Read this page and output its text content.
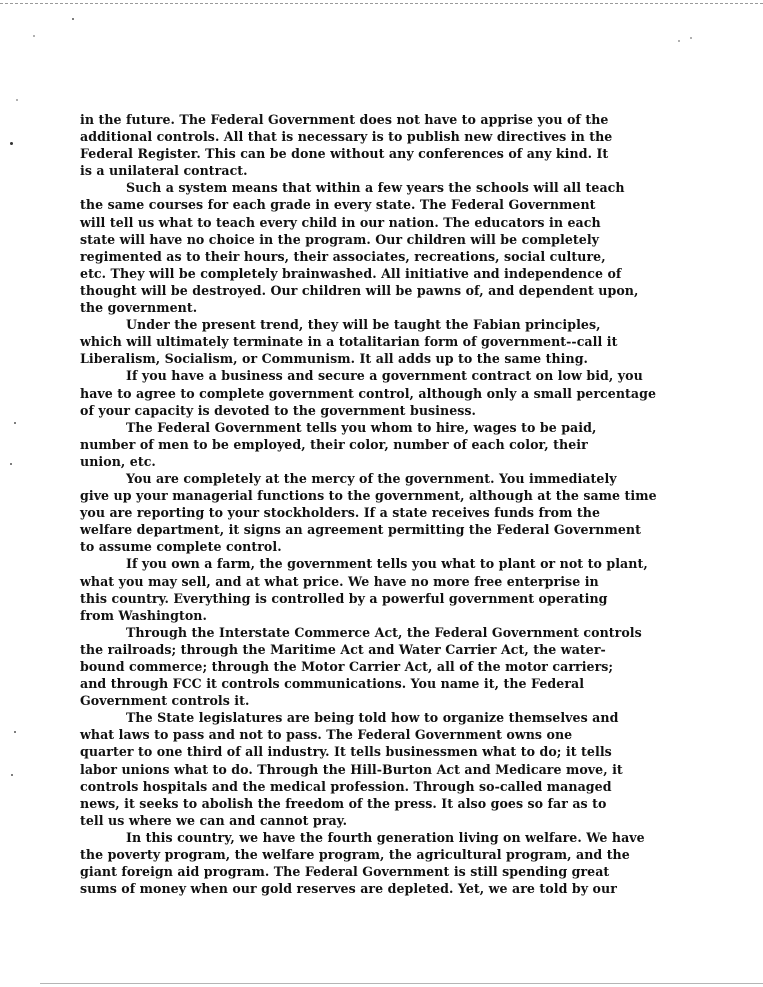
in the future. The Federal Government does not have to apprise you of the
additional controls. All that is necessary is to publish new directives in the
Federal Register. This can be done without any conferences of any kind. It
is a unilateral contract.
Such a system means that within a few years the schools will all teach
the same courses for each grade in every state. The Federal Government
will tell us what to teach every child in our nation. The educators in each
state will have no choice in the program. Our children will be completely
regimented as to their hours, their associates, recreations, social culture,
etc. They will be completely brainwashed. All initiative and independence of
thought will be destroyed. Our children will be pawns of, and dependent upon,
the government.
Under the present trend, they will be taught the Fabian principles,
which will ultimately terminate in a totalitarian form of government--call it
Liberalism, Socialism, or Communism. It all adds up to the same thing.
If you have a business and secure a government contract on low bid, you
have to agree to complete government control, although only a small percentage
of your capacity is devoted to the government business.
The Federal Government tells you whom to hire, wages to be paid,
number of men to be employed, their color, number of each color, their
union, etc.
You are completely at the mercy of the government. You immediately
give up your managerial functions to the government, although at the same time
you are reporting to your stockholders. If a state receives funds from the
welfare department, it signs an agreement permitting the Federal Government
to assume complete control.
If you own a farm, the government tells you what to plant or not to plant,
what you may sell, and at what price. We have no more free enterprise in
this country. Everything is controlled by a powerful government operating
from Washington.
Through the Interstate Commerce Act, the Federal Government controls
the railroads; through the Maritime Act and Water Carrier Act, the water-
bound commerce; through the Motor Carrier Act, all of the motor carriers;
and through FCC it controls communications. You name it, the Federal
Government controls it.
The State legislatures are being told how to organize themselves and
what laws to pass and not to pass. The Federal Government owns one
quarter to one third of all industry. It tells businessmen what to do; it tells
labor unions what to do. Through the Hill-Burton Act and Medicare move, it
controls hospitals and the medical profession. Through so-called managed
news, it seeks to abolish the freedom of the press. It also goes so far as to
tell us where we can and cannot pray.
In this country, we have the fourth generation living on welfare. We have
the poverty program, the welfare program, the agricultural program, and the
giant foreign aid program. The Federal Government is still spending great
sums of money when our gold reserves are depleted. Yet, we are told by our
